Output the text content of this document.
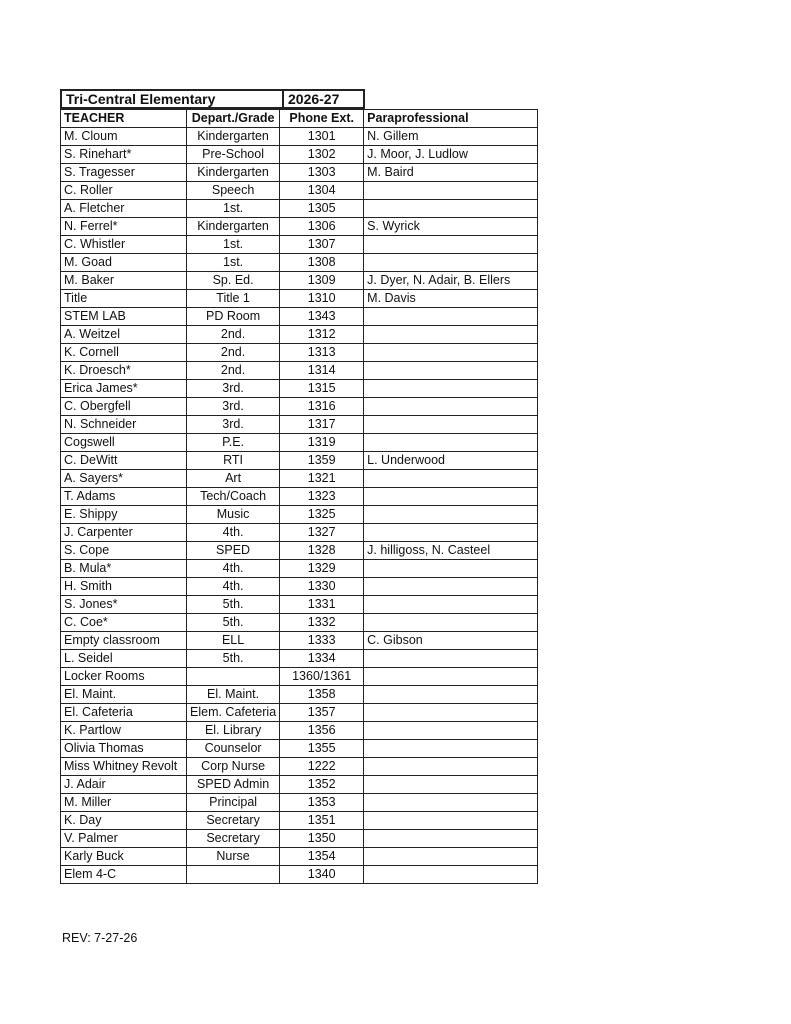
Tri-Central Elementary	2026-27
TEACHER	Depart./Grade	Phone Ext.	Paraprofessional
M. Cloum	Kindergarten	1301	N. Gillem
S. Rinehart*	Pre-School	1302	J. Moor, J. Ludlow
S. Tragesser	Kindergarten	1303	M. Baird
C. Roller	Speech	1304	
A. Fletcher	1st.	1305	
N. Ferrel*	Kindergarten	1306	S. Wyrick
C. Whistler	1st.	1307	
M. Goad	1st.	1308	
M. Baker	Sp. Ed.	1309	J. Dyer, N. Adair, B. Ellers
Title	Title 1	1310	M. Davis
STEM LAB	PD Room	1343	
A. Weitzel	2nd.	1312	
K. Cornell	2nd.	1313	
K. Droesch*	2nd.	1314	
Erica James*	3rd.	1315	
C. Obergfell	3rd.	1316	
N. Schneider	3rd.	1317	
Cogswell	P.E.	1319	
C. DeWitt	RTI	1359	L. Underwood
A. Sayers*	Art	1321	
T. Adams	Tech/Coach	1323	
E. Shippy	Music	1325	
J. Carpenter	4th.	1327	
S. Cope	SPED	1328	J. hilligoss, N. Casteel
B. Mula*	4th.	1329	
H. Smith	4th.	1330	
S. Jones*	5th.	1331	
C. Coe*	5th.	1332	
Empty classroom	ELL	1333	C. Gibson
L. Seidel	5th.	1334	
Locker Rooms		1360/1361	
El. Maint.	El. Maint.	1358	
El. Cafeteria	Elem. Cafeteria	1357	
K. Partlow	El. Library	1356	
Olivia Thomas	Counselor	1355	
Miss Whitney Revolt	Corp Nurse	1222	
J. Adair	SPED Admin	1352	
M. Miller	Principal	1353	
K. Day	Secretary	1351	
V. Palmer	Secretary	1350	
Karly Buck	Nurse	1354	
Elem 4-C		1340	
REV: 7-27-26
